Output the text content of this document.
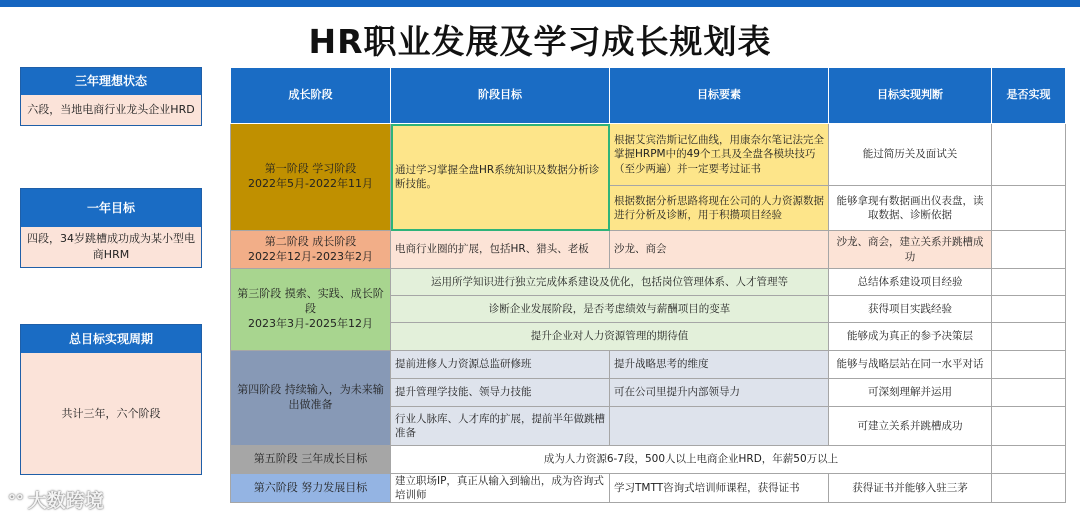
HR职业发展及学习成长规划表
三年理想状态
六段，当地电商行业龙头企业HRD
一年目标
四段，34岁跳槽成功成为某小型电商HRM
总目标实现周期
共计三年，六个阶段
成长阶段	阶段目标	目标要素	目标实现判断	是否实现

第一阶段 学习阶段
2022年5月-2022年11月	通过学习掌握全盘HR系统知识及数据分析诊断技能。	根据艾宾浩斯记忆曲线，用康奈尔笔记法完全掌握HRPM中的49个工具及全盘各模块技巧（至少两遍）并一定要考过证书	能过简历关及面试关	
		根据数据分析思路将现在公司的人力资源数据进行分析及诊断，用于积攒项目经验	能够拿现有数据画出仪表盘，读取数据、诊断依据	

第二阶段 成长阶段
2022年12月-2023年2月	电商行业圈的扩展，包括HR、猎头、老板	沙龙、商会	沙龙、商会，建立关系并跳槽成功	

第三阶段 摸索、实践、成长阶段
2023年3月-2025年12月	运用所学知识进行独立完成体系建设及优化，包括岗位管理体系、人才管理等		总结体系建设项目经验	
	诊断企业发展阶段，是否考虑绩效与薪酬项目的变革		获得项目实践经验	
	提升企业对人力资源管理的期待值		能够成为真正的参予决策层	
第四阶段 持续输入，为未来输出做准备	提前进修人力资源总监研修班	提升战略思考的维度	能够与战略层站在同一水平对话	
	提升管理学技能、领导力技能	可在公司里提升内部领导力	可深刻理解并运用	
	行业人脉库、人才库的扩展，提前半年做跳槽准备		可建立关系并跳槽成功	
第五阶段 三年成长目标	成为人力资源6-7段，500人以上电商企业HRD，年薪50万以上			
第六阶段 努力发展目标	建立职场IP，真正从输入到输出，成为咨询式培训师	学习TMTT咨询式培训师课程，获得证书	获得证书并能够入驻三茅	
ᐤᐤ 大数跨境
